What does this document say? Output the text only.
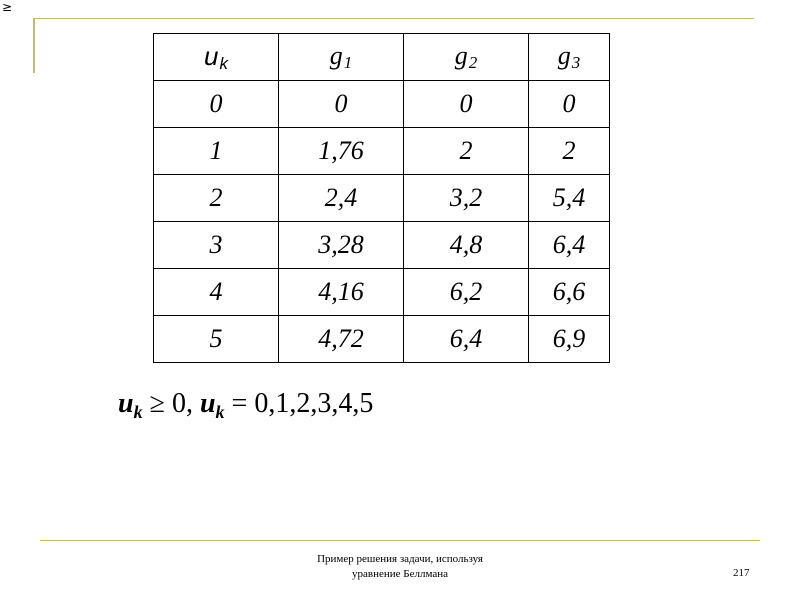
≥
$u_k$	$g_1$	$g_2$	$g_3$
0	0	0	0
1	1,76	2	2
2	2,4	3,2	5,4
3	3,28	4,8	6,4
4	4,16	6,2	6,6
5	4,72	6,4	6,9
$u_k \ge 0$, $u_k = 0,1,2,3,4,5$
Пример решения задачи, используя
уравнение Беллмана	217
